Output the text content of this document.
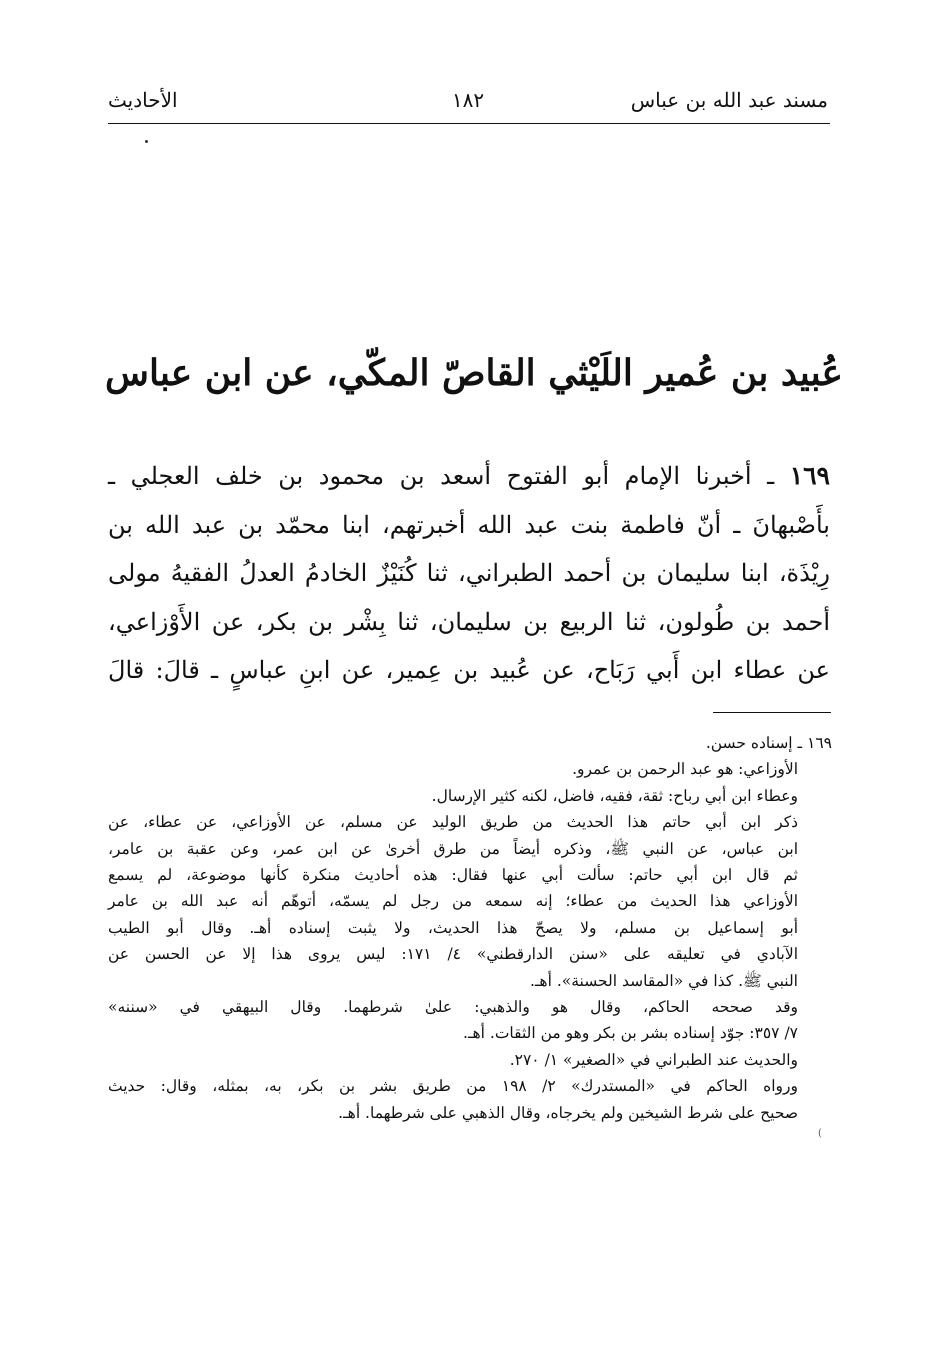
مسند عبد الله بن عباس
١٨٢
الأحاديث
عُبيد بن عُمير اللَيْثي القاصّ المكّي، عن ابن عباس
١٦٩ ـ أخبرنا الإمام أبو الفتوح أسعد بن محمود بن خلف العجلي ـ
بأَصْبهانَ ـ أنّ فاطمة بنت عبد الله أخبرتهم، ابنا محمّد بن عبد الله بن
رِيْذَة، ابنا سليمان بن أحمد الطبراني، ثنا كُنَيْزٌ الخادمُ العدلُ الفقيهُ مولى
أحمد بن طُولون، ثنا الربيع بن سليمان، ثنا بِشْر بن بكر، عن الأَوْزاعي،
عن عطاء ابن أَبي رَبَاح، عن عُبيد بن عِمير، عن ابنِ عباسٍ ـ قالَ: قالَ
١٦٩ ـ إسناده حسن.
الأوزاعي: هو عبد الرحمن بن عمرو.
وعطاء ابن أبي رباح: ثقة، فقيه، فاضل، لكنه كثير الإرسال.
ذكر ابن أبي حاتم هذا الحديث من طريق الوليد عن مسلم، عن الأوزاعي، عن عطاء، عن
ابن عباس، عن النبي ﷺ، وذكره أيضاً من طرق أخرىٰ عن ابن عمر، وعن عقبة بن عامر،
ثم قال ابن أبي حاتم: سألت أبي عنها فقال: هذه أحاديث منكرة كأنها موضوعة، لم يسمع
الأوزاعي هذا الحديث من عطاء؛ إنه سمعه من رجل لم يسمّه، أتوهّم أنه عبد الله بن عامر
أبو إسماعيل بن مسلم، ولا يصحّ هذا الحديث، ولا يثبت إسناده أهـ. وقال أبو الطيب
الآبادي في تعليقه على «سنن الدارقطني» ٤/ ١٧١: ليس يروى هذا إلا عن الحسن عن
النبي ﷺ. كذا في «المقاسد الحسنة». أهـ.
وقد صححه الحاكم، وقال هو والذهبي: علىٰ شرطهما. وقال البيهقي في «سننه»
٧/ ٣٥٧: جوّد إسناده بشر بن بكر وهو من الثقات. أهـ.
والحديث عند الطبراني في «الصغير» ١/ ٢٧٠.
ورواه الحاكم في «المستدرك» ٢/ ١٩٨ من طريق بشر بن بكر، به، بمثله، وقال: حديث
صحيح على شرط الشيخين ولم يخرجاه، وقال الذهبي على شرطهما. أهـ.
(
